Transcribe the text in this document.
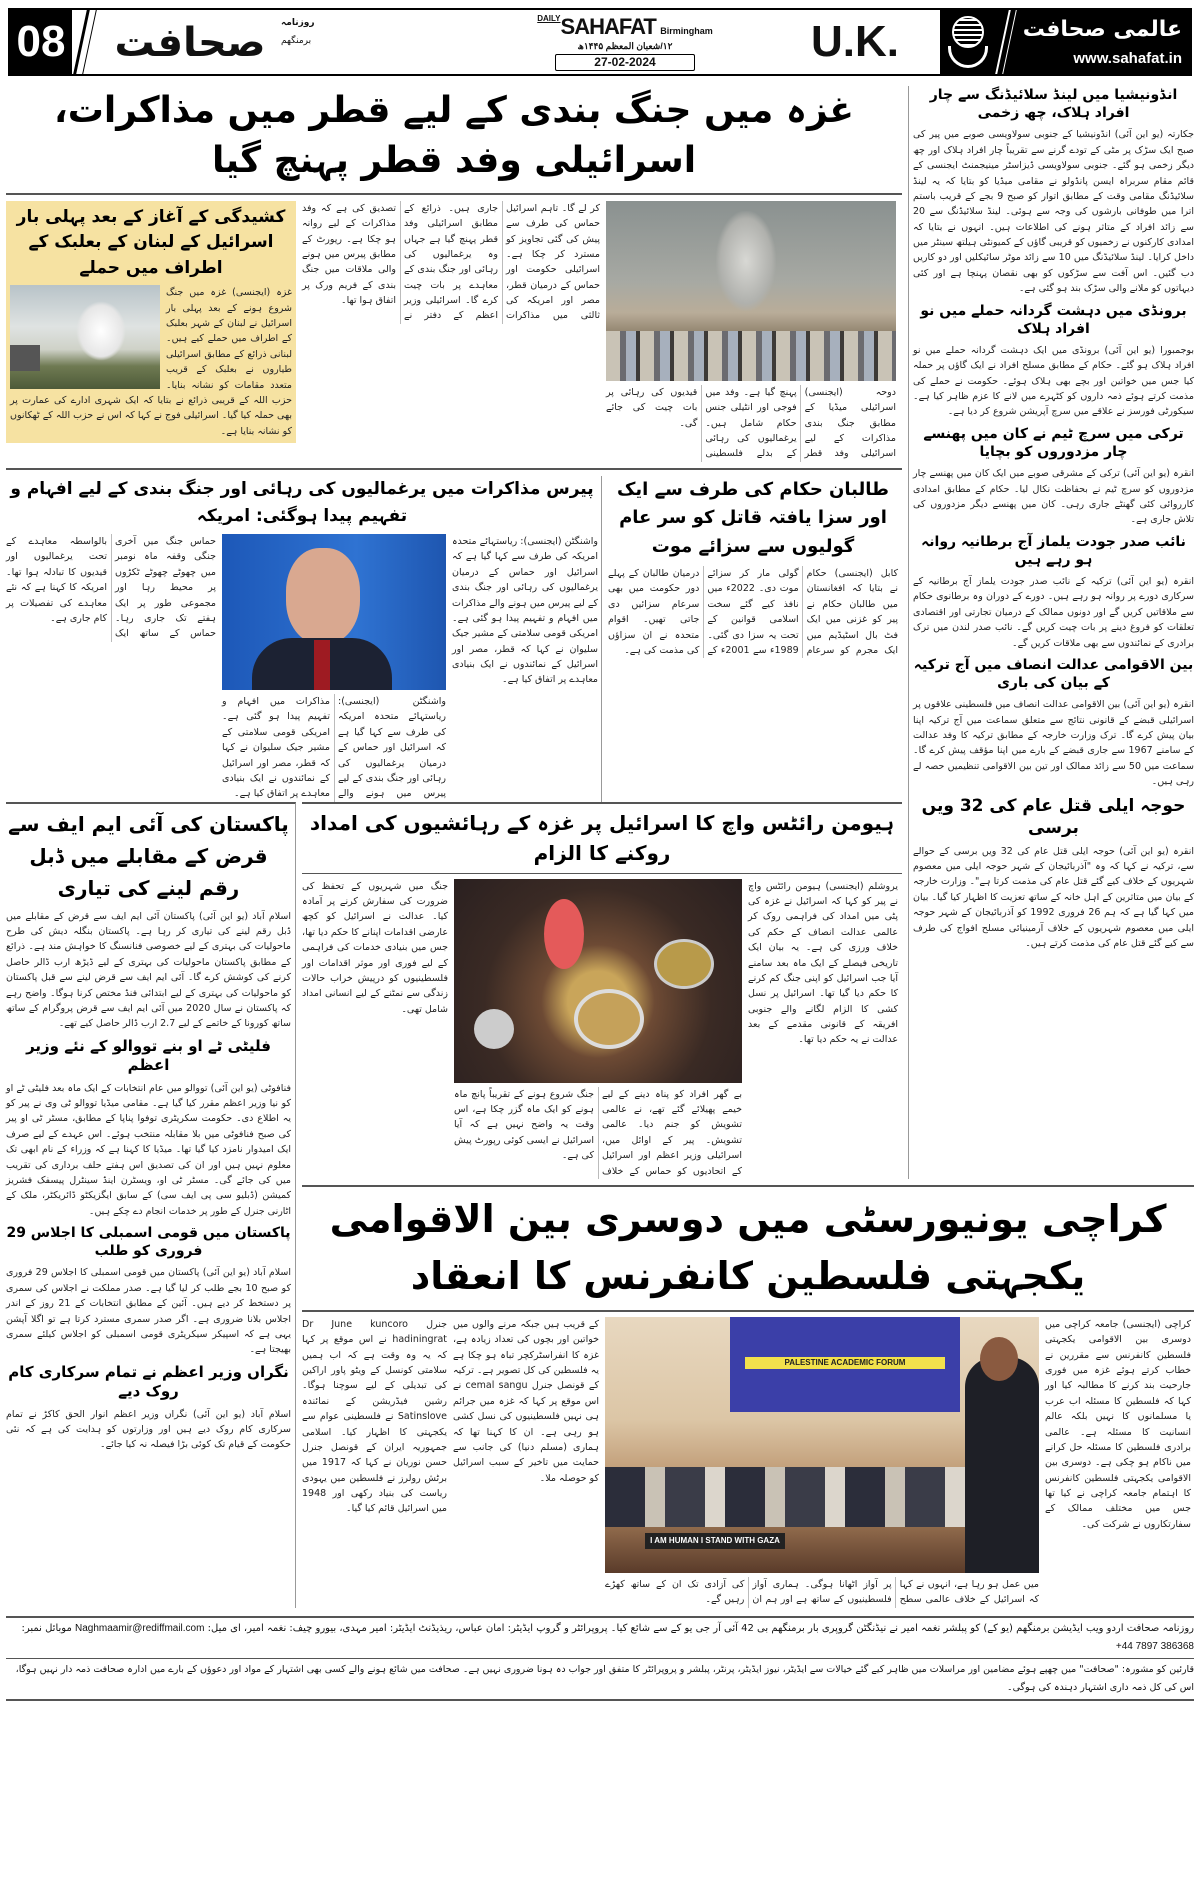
08 صحافت	روزنامہ
برمنگھم
$^{DAILY}$SAHAFAT Birmingham
۱۲/شعبان المعظم ۱۴۴۵ھ
27-02-2024	U.K.	عالمی صحافت
www.sahafat.in
غزہ میں جنگ بندی کے لیے قطر میں مذاکرات، اسرائیلی وفد قطر پہنچ گیا
کشیدگی کے آغاز کے بعد پہلی بار اسرائیل کے لبنان کے بعلبک کے اطراف میں حملے
غزہ (ایجنسی) غزہ میں جنگ شروع ہونے کے بعد پہلی بار اسرائیل نے لبنان کے شہر بعلبک کے اطراف میں حملے کیے ہیں۔ لبنانی ذرائع کے مطابق اسرائیلی طیاروں نے بعلبک کے قریب متعدد مقامات کو نشانہ بنایا۔ حزب اللہ کے قریبی ذرائع نے بتایا کہ ایک شہری ادارے کی عمارت پر بھی حملہ کیا گیا۔ اسرائیلی فوج نے کہا کہ اس نے حزب اللہ کے ٹھکانوں کو نشانہ بنایا ہے۔
کر لے گا۔ تاہم اسرائیل حماس کی طرف سے پیش کی گئی تجاویز کو مسترد کر چکا ہے۔ اسرائیلی حکومت اور حماس کے درمیان قطر، مصر اور امریکہ کی ثالثی میں مذاکرات جاری ہیں۔ ذرائع کے مطابق اسرائیلی وفد قطر پہنچ گیا ہے جہاں وہ یرغمالیوں کی رہائی اور جنگ بندی کے معاہدے پر بات چیت کرے گا۔ اسرائیلی وزیر اعظم کے دفتر نے تصدیق کی ہے کہ وفد مذاکرات کے لیے روانہ ہو چکا ہے۔ رپورٹ کے مطابق پیرس میں ہونے والی ملاقات میں جنگ بندی کے فریم ورک پر اتفاق ہوا تھا۔
دوحہ (ایجنسی) اسرائیلی میڈیا کے مطابق جنگ بندی مذاکرات کے لیے اسرائیلی وفد قطر پہنچ گیا ہے۔ وفد میں فوجی اور انٹیلی جنس حکام شامل ہیں۔ یرغمالیوں کی رہائی کے بدلے فلسطینی قیدیوں کی رہائی پر بات چیت کی جائے گی۔
پیرس مذاکرات میں یرغمالیوں کی رہائی اور جنگ بندی کے لیے افہام و تفہیم پیدا ہوگئی: امریکہ
حماس جنگ میں آخری جنگی وقفہ ماہ نومبر میں چھوٹے چھوٹے ٹکڑوں پر محیط رہا اور مجموعی طور پر ایک ہفتے تک جاری رہا۔ حماس کے ساتھ ایک بالواسطہ معاہدے کے تحت یرغمالیوں اور قیدیوں کا تبادلہ ہوا تھا۔ امریکہ کا کہنا ہے کہ نئے معاہدے کی تفصیلات پر کام جاری ہے۔
واشنگٹن (ایجنسی): ریاستہائے متحدہ امریکہ کی طرف سے کہا گیا ہے کہ اسرائیل اور حماس کے درمیان یرغمالیوں کی رہائی اور جنگ بندی کے لیے پیرس میں ہونے والے مذاکرات میں افہام و تفہیم پیدا ہو گئی ہے۔ امریکی قومی سلامتی کے مشیر جیک سلیوان نے کہا کہ قطر، مصر اور اسرائیل کے نمائندوں نے ایک بنیادی معاہدے پر اتفاق کیا ہے۔
واشنگٹن (ایجنسی): ریاستہائے متحدہ امریکہ کی طرف سے کہا گیا ہے کہ اسرائیل اور حماس کے درمیان یرغمالیوں کی رہائی اور جنگ بندی کے لیے پیرس میں ہونے والے مذاکرات میں افہام و تفہیم پیدا ہو گئی ہے۔ امریکی قومی سلامتی کے مشیر جیک سلیوان نے کہا کہ قطر، مصر اور اسرائیل کے نمائندوں نے ایک بنیادی معاہدے پر اتفاق کیا ہے۔
طالبان حکام کی طرف سے ایک اور سزا یافتہ قاتل کو سر عام گولیوں سے سزائے موت
کابل (ایجنسی) حکام نے بتایا کہ افغانستان میں طالبان حکام نے پیر کو غزنی میں ایک فٹ بال اسٹیڈیم میں ایک مجرم کو سرعام گولی مار کر سزائے موت دی۔ 2022ء میں نافذ کیے گئے سخت اسلامی قوانین کے تحت یہ سزا دی گئی۔ 1989ء سے 2001ء کے درمیان طالبان کے پہلے دور حکومت میں بھی سرعام سزائیں دی جاتی تھیں۔ اقوام متحدہ نے ان سزاؤں کی مذمت کی ہے۔
انڈونیشیا میں لینڈ سلائیڈنگ سے چار افراد ہلاک، چھ زخمی
جکارتہ (یو این آئی) انڈونیشیا کے جنوبی سولاویسی صوبے میں پیر کی صبح ایک سڑک پر مٹی کے تودے گرنے سے تقریباً چار افراد ہلاک اور چھ دیگر زخمی ہو گئے۔ جنوبی سولاویسی ڈیزاسٹر مینیجمنٹ ایجنسی کے قائم مقام سربراہ ایسن پانڈولو نے مقامی میڈیا کو بتایا کہ یہ لینڈ سلائیڈنگ مقامی وقت کے مطابق اتوار کو صبح 9 بجے کے قریب باستم اترا میں طوفانی بارشوں کی وجہ سے ہوئی۔ لینڈ سلائیڈنگ سے 20 سے زائد افراد کے متاثر ہونے کی اطلاعات ہیں۔ انہوں نے بتایا کہ امدادی کارکنوں نے زخمیوں کو قریبی گاؤں کے کمیونٹی ہیلتھ سینٹر میں داخل کرایا۔ لینڈ سلائیڈنگ میں 10 سے زائد موٹر سائیکلیں اور دو کاریں دب گئیں۔ اس آفت سے سڑکوں کو بھی نقصان پہنچا ہے اور کئی دیہاتوں کو ملانے والی سڑک بند ہو گئی ہے۔
برونڈی میں دہشت گردانہ حملے میں نو افراد ہلاک
بوجمبورا (یو این آئی) برونڈی میں ایک دہشت گردانہ حملے میں نو افراد ہلاک ہو گئے۔ حکام کے مطابق مسلح افراد نے ایک گاؤں پر حملہ کیا جس میں خواتین اور بچے بھی ہلاک ہوئے۔ حکومت نے حملے کی مذمت کرتے ہوئے ذمہ داروں کو کٹہرے میں لانے کا عزم ظاہر کیا ہے۔ سیکورٹی فورسز نے علاقے میں سرچ آپریشن شروع کر دیا ہے۔
ترکی میں سرچ ٹیم نے کان میں پھنسے چار مزدوروں کو بچایا
انقرہ (یو این آئی) ترکی کے مشرقی صوبے میں ایک کان میں پھنسے چار مزدوروں کو سرچ ٹیم نے بحفاظت نکال لیا۔ حکام کے مطابق امدادی کارروائی کئی گھنٹے جاری رہی۔ کان میں پھنسے دیگر مزدوروں کی تلاش جاری ہے۔
نائب صدر جودت یلماز آج برطانیہ روانہ ہو رہے ہیں
انقرہ (یو این آئی) ترکیہ کے نائب صدر جودت یلماز آج برطانیہ کے سرکاری دورے پر روانہ ہو رہے ہیں۔ دورے کے دوران وہ برطانوی حکام سے ملاقاتیں کریں گے اور دونوں ممالک کے درمیان تجارتی اور اقتصادی تعلقات کو فروغ دینے پر بات چیت کریں گے۔ نائب صدر لندن میں ترک برادری کے نمائندوں سے بھی ملاقات کریں گے۔
بین الاقوامی عدالت انصاف میں آج ترکیہ کے بیان کی باری
انقرہ (یو این آئی) بین الاقوامی عدالت انصاف میں فلسطینی علاقوں پر اسرائیلی قبضے کے قانونی نتائج سے متعلق سماعت میں آج ترکیہ اپنا بیان پیش کرے گا۔ ترک وزارت خارجہ کے مطابق ترکیہ کا وفد عدالت کے سامنے 1967 سے جاری قبضے کے بارے میں اپنا مؤقف پیش کرے گا۔ سماعت میں 50 سے زائد ممالک اور تین بین الاقوامی تنظیمیں حصہ لے رہی ہیں۔
حوجہ ایلی قتل عام کی 32 ویں برسی
انقرہ (یو این آئی) حوجہ ایلی قتل عام کی 32 ویں برسی کے حوالے سے، ترکیہ نے کہا کہ وہ "آذربائیجان کے شہر حوجہ ایلی میں معصوم شہریوں کے خلاف کیے گئے قتل عام کی مذمت کرتا ہے"۔ وزارت خارجہ کے بیان میں متاثرین کے اہل خانہ کے ساتھ تعزیت کا اظہار کیا گیا۔ بیان میں کہا گیا ہے کہ ہم 26 فروری 1992 کو آذربائیجان کے شہر حوجہ ایلی میں معصوم شہریوں کے خلاف آرمینیائی مسلح افواج کی طرف سے کیے گئے قتل عام کی مذمت کرتے ہیں۔
پاکستان کی آئی ایم ایف سے قرض کے مقابلے میں ڈبل رقم لینے کی تیاری
اسلام آباد (یو این آئی) پاکستان آئی ایم ایف سے قرض کے مقابلے میں ڈبل رقم لینے کی تیاری کر رہا ہے۔ پاکستان بنگلہ دیش کی طرح ماحولیات کی بہتری کے لیے خصوصی فنانسنگ کا خواہش مند ہے۔ ذرائع کے مطابق پاکستان ماحولیات کی بہتری کے لیے ڈیڑھ ارب ڈالر حاصل کرنے کی کوشش کرے گا۔ آئی ایم ایف سے قرض لینے سے قبل پاکستان کو ماحولیات کی بہتری کے لیے ابتدائی فنڈ مختص کرنا ہوگا۔ واضح رہے کہ پاکستان نے سال 2020 میں آئی ایم ایف سے قرض پروگرام کے ساتھ ساتھ کورونا کے خاتمے کے لیے 2.7 ارب ڈالر حاصل کیے تھے۔
فلیٹی ٹے او بنے تووالو کے نئے وزیر اعظم
فنافوٹی (یو این آئی) تووالو میں عام انتخابات کے ایک ماہ بعد فلیٹی ٹے او کو نیا وزیر اعظم مقرر کیا گیا ہے۔ مقامی میڈیا تووالو ٹی وی نے پیر کو یہ اطلاع دی۔ حکومت سکریٹری توفوا پناپا کے مطابق، مسٹر ٹی او پیر کی صبح فنافوٹی میں بلا مقابلہ منتخب ہوئے۔ اس عہدے کے لیے صرف ایک امیدوار نامزد کیا گیا تھا۔ میڈیا کا کہنا ہے کہ وزراء کے نام ابھی تک معلوم نہیں ہیں اور ان کی تصدیق اس ہفتے حلف برداری کی تقریب میں کی جائے گی۔ مسٹر ٹی او، ویسٹرن اینڈ سینٹرل پیسفک فشریز کمیشن (ڈبلیو سی پی ایف سی) کے سابق ایگزیکٹو ڈائریکٹر، ملک کے اٹارنی جنرل کے طور پر خدمات انجام دے چکے ہیں۔
پاکستان میں قومی اسمبلی کا اجلاس 29 فروری کو طلب
اسلام آباد (یو این آئی) پاکستان میں قومی اسمبلی کا اجلاس 29 فروری کو صبح 10 بجے طلب کر لیا گیا ہے۔ صدر مملکت نے اجلاس کی سمری پر دستخط کر دیے ہیں۔ آئین کے مطابق انتخابات کے 21 روز کے اندر اجلاس بلانا ضروری ہے۔ اگر صدر سمری مسترد کرتا ہے تو اگلا آپشن یہی ہے کہ اسپیکر سیکریٹری قومی اسمبلی کو اجلاس کیلئے سمری بھیجتا ہے۔
نگراں وزیر اعظم نے تمام سرکاری کام روک دیے
اسلام آباد (یو این آئی) نگراں وزیر اعظم انوار الحق کاکڑ نے تمام سرکاری کام روک دیے ہیں اور وزارتوں کو ہدایت کی ہے کہ نئی حکومت کے قیام تک کوئی بڑا فیصلہ نہ کیا جائے۔
ہیومن رائٹس واچ کا اسرائیل پر غزہ کے رہائشیوں کی امداد روکنے کا الزام
جنگ میں شہریوں کے تحفظ کی ضرورت کی سفارش کرنے پر آمادہ کیا۔ عدالت نے اسرائیل کو کچھ عارضی اقدامات اپنانے کا حکم دیا تھا، جس میں بنیادی خدمات کی فراہمی کے لیے فوری اور موثر اقدامات اور فلسطینیوں کو درپیش خراب حالات زندگی سے نمٹنے کے لیے انسانی امداد شامل تھی۔
بے گھر افراد کو پناہ دینے کے لیے خیمے پھیلائے گئے تھے، نے عالمی تشویش کو جنم دیا۔ عالمی تشویش۔ پیر کے اوائل میں، اسرائیلی وزیر اعظم اور اسرائیل کے اتحادیوں کو حماس کے خلاف جنگ شروع ہونے کے تقریباً پانچ ماہ ہونے کو ایک ماہ گزر چکا ہے، اس وقت یہ واضح نہیں ہے کہ آیا اسرائیل نے ایسی کوئی رپورٹ پیش کی ہے۔
یروشلم (ایجنسی) ہیومن رائٹس واچ نے پیر کو کہا کہ اسرائیل نے غزہ کی پٹی میں امداد کی فراہمی روک کر عالمی عدالت انصاف کے حکم کی خلاف ورزی کی ہے۔ یہ بیان ایک تاریخی فیصلے کے ایک ماہ بعد سامنے آیا جب اسرائیل کو اپنی جنگ کم کرنے کا حکم دیا گیا تھا۔ اسرائیل پر نسل کشی کا الزام لگانے والے جنوبی افریقہ کے قانونی مقدمے کے بعد عدالت نے یہ حکم دیا تھا۔
کراچی یونیورسٹی میں دوسری بین الاقوامی یکجہتی فلسطین کانفرنس کا انعقاد
جنرل Dr June kuncoro hadiningrat نے اس موقع پر کہا کہ یہ وہ وقت ہے کہ اب ہمیں سلامتی کونسل کے ویٹو پاور اراکین کی تبدیلی کے لیے سوچنا ہوگا۔ رشین فیڈریشن کے نمائندہ Satinslove نے فلسطینی عوام سے یکجہتی کا اظہار کیا۔ اسلامی جمہوریہ ایران کے قونصل جنرل حسن نوریان نے کہا کہ 1917 میں برٹش رولرز نے فلسطین میں یہودی ریاست کی بنیاد رکھی اور 1948 میں اسرائیل قائم کیا گیا۔
کے قریب ہیں جبکہ مرنے والوں میں خواتین اور بچوں کی تعداد زیادہ ہے، غزہ کا انفراسٹرکچر تباہ ہو چکا ہے یہ فلسطین کی کل تصویر ہے۔ ترکیہ کے قونصل جنرل cemal sangu نے اس موقع پر کہا کہ غزہ میں جرائم ہی نہیں فلسطینیوں کی نسل کشی ہو رہی ہے۔ ان کا کہنا تھا کہ ہماری (مسلم دنیا) کی جانب سے حمایت میں تاخیر کے سبب اسرائیل کو حوصلہ ملا۔
PALESTINE ACADEMIC FORUM
I AM HUMAN I STAND WITH GAZA
میں عمل ہو رہا ہے، انہوں نے کہا کہ اسرائیل کے خلاف عالمی سطح پر آواز اٹھانا ہوگی۔ ہماری آواز فلسطینیوں کے ساتھ ہے اور ہم ان کی آزادی تک ان کے ساتھ کھڑے رہیں گے۔
کراچی (ایجنسی) جامعہ کراچی میں دوسری بین الاقوامی یکجہتی فلسطین کانفرنس سے مقررین نے خطاب کرتے ہوئے غزہ میں فوری جارحیت بند کرنے کا مطالبہ کیا اور کہا کہ فلسطین کا مسئلہ اب عرب یا مسلمانوں کا نہیں بلکہ عالم انسانیت کا مسئلہ ہے۔ عالمی برادری فلسطین کا مسئلہ حل کرانے میں ناکام ہو چکی ہے۔ دوسری بین الاقوامی یکجہتی فلسطین کانفرنس کا اہتمام جامعہ کراچی نے کیا تھا جس میں مختلف ممالک کے سفارتکاروں نے شرکت کی۔
روزنامہ صحافت اردو ویب ایڈیشن برمنگھم (یو کے) کو پبلشر نغمہ امیر نے نیڈنگٹن گروپری بار برمنگھم بی 42 آئی آر جی یو کے سے شائع کیا۔ پروپرائٹر و گروپ ایڈیٹر: امان عباس، ریذیڈنٹ ایڈیٹر: امیر مہدی، بیورو چیف: نغمہ امیر، ای میل: Naghmaamir@rediffmail.com موبائل نمبر: +44 7897 386368
قارئین کو مشورہ: "صحافت" میں چھپے ہوئے مضامین اور مراسلات میں ظاہر کیے گئے خیالات سے ایڈیٹر، نیوز ایڈیٹر، پرنٹر، پبلشر و پروپرائٹر کا متفق اور جواب دہ ہونا ضروری نہیں ہے۔ صحافت میں شائع ہونے والے کسی بھی اشتہار کے مواد اور دعوؤں کے بارے میں ادارہ صحافت ذمہ دار نہیں ہوگا، اس کی کل ذمہ داری اشتہار دہندہ کی ہوگی۔
